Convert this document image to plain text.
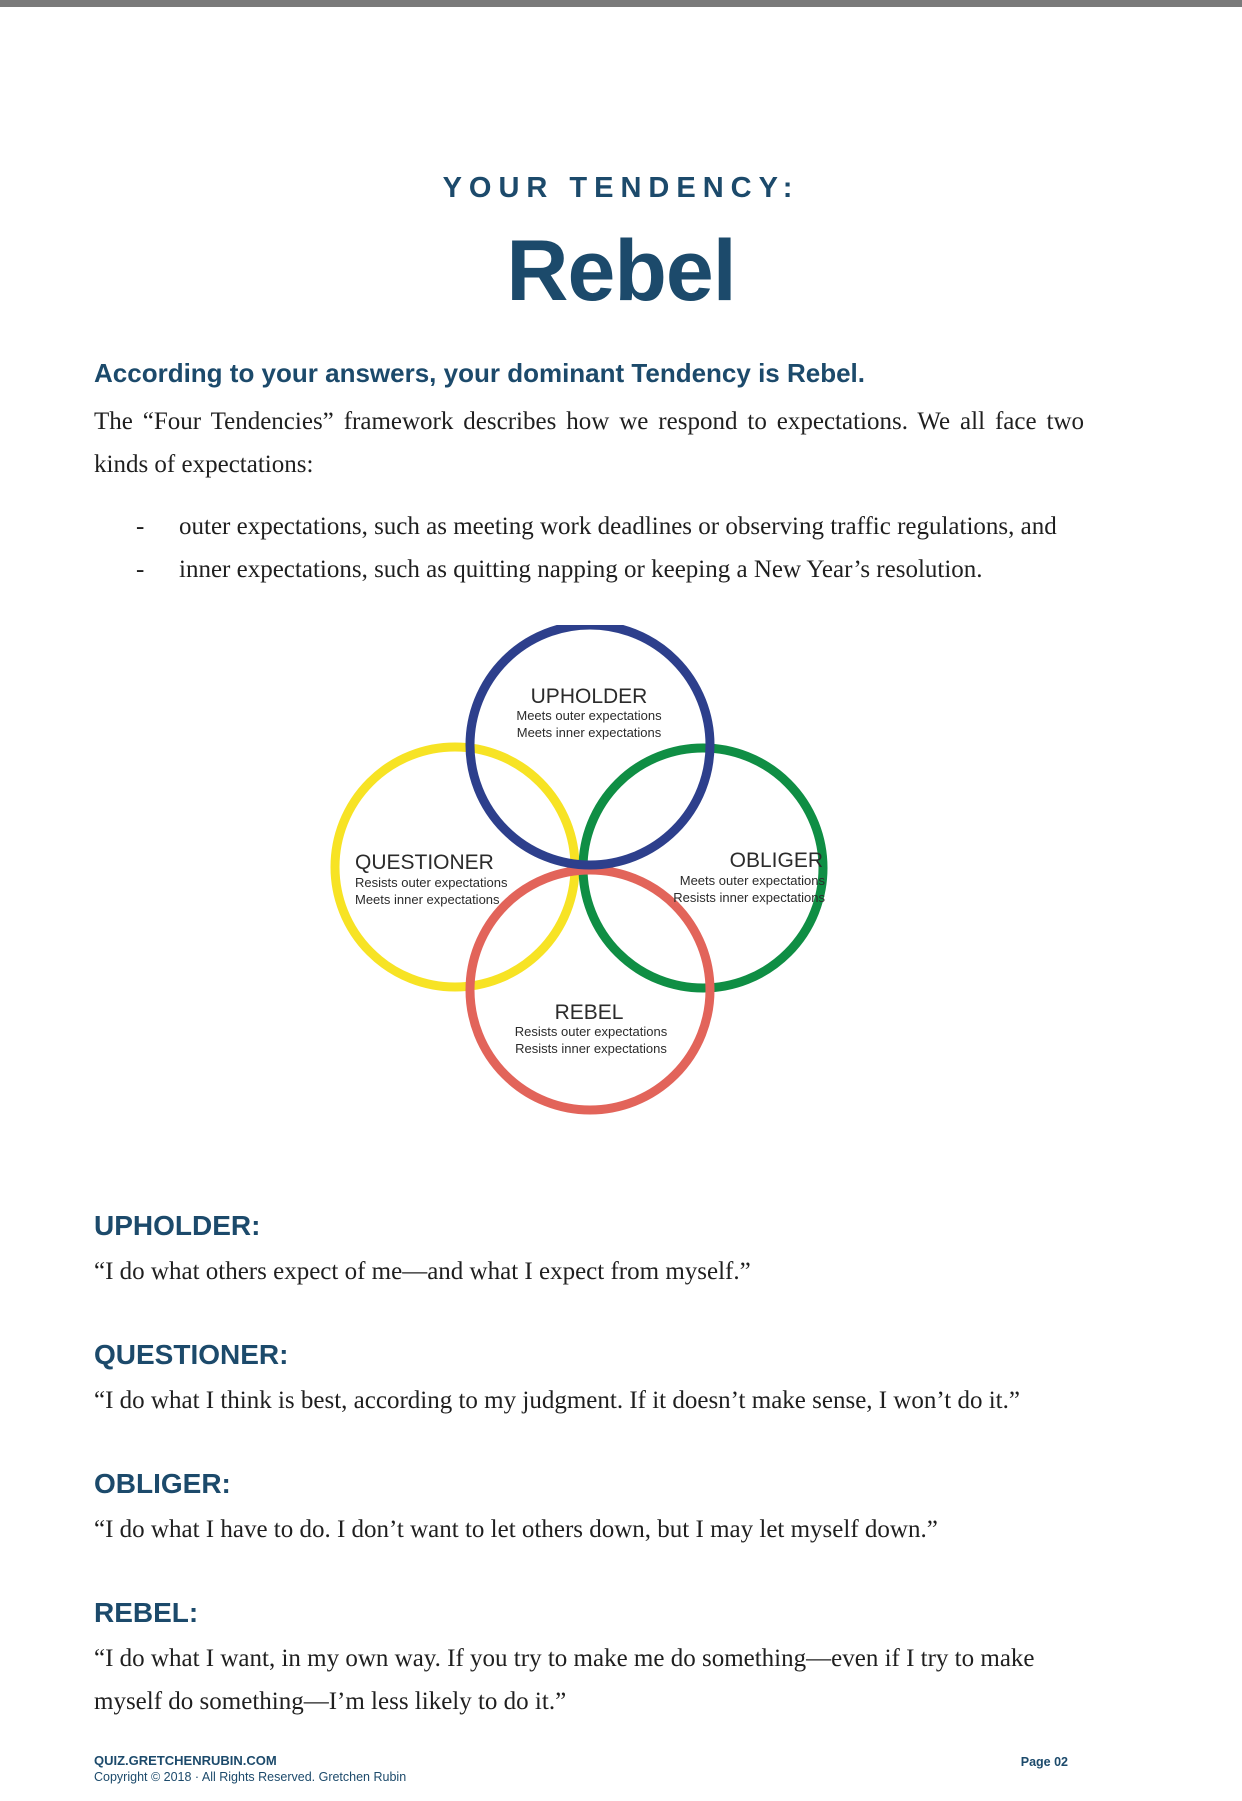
YOUR TENDENCY:
Rebel
According to your answers, your dominant Tendency is Rebel.
The “Four Tendencies” framework describes how we respond to expectations. We all face two kinds of expectations:
- outer expectations, such as meeting work deadlines or observing traffic regulations, and
- inner expectations, such as quitting napping or keeping a New Year’s resolution.
UPHOLDER
Meets outer expectations
Meets inner expectations
QUESTIONER
Resists outer expectations
Meets inner expectations
OBLIGER
Meets outer expectations
Resists inner expectations
REBEL
Resists outer expectations
Resists inner expectations
UPHOLDER:
“I do what others expect of me—and what I expect from myself.”
QUESTIONER:
“I do what I think is best, according to my judgment. If it doesn’t make sense, I won’t do it.”
OBLIGER:
“I do what I have to do. I don’t want to let others down, but I may let myself down.”
REBEL:
“I do what I want, in my own way. If you try to make me do something—even if I try to make myself do something—I’m less likely to do it.”
QUIZ.GRETCHENRUBIN.COM
Copyright © 2018 · All Rights Reserved. Gretchen Rubin
Page 02
